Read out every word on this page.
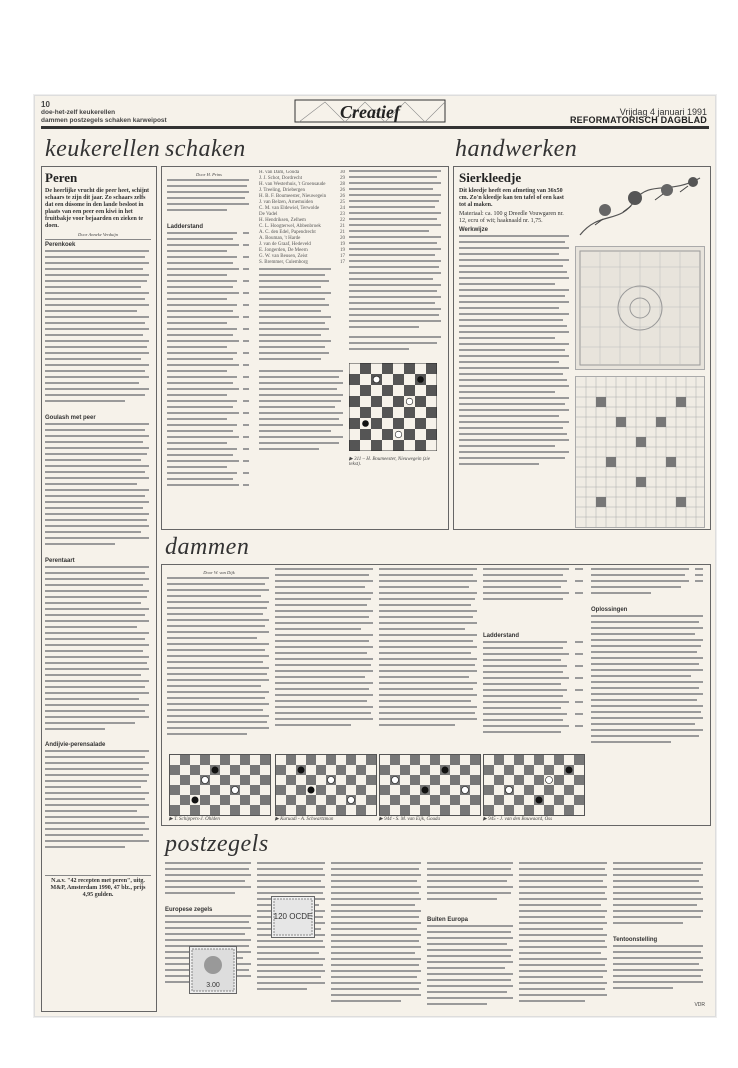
10
doe-het-zelf keukerellen
dammen postzegels schaken karweipost	Creatief	Vrijdag 4 januari 1991
REFORMATORISCH DAGBLAD
keukerellen schaken	handwerken
dammen
postzegels
Peren
De heerlijke vrucht die peer heet, schijnt schaars te zijn dit jaar. Zo schaars zelfs dat een dúsome in den lande besloot in plaats van een peer een kiwi in het fruitbakje voor bejaarden en zieken te doen.
Door Anneke Verduijn
Perenkoek
Goulash met peer
Perentaart
Andijvie-perensalade
N.a.v. "42 recepten met peren", uitg. M&P, Amsterdam 1990, 47 blz., prijs 4,95 gulden.
Door H. Prins
Ladderstand
H. van Dam, Gouda	30
J. J. Schot, Dordrecht	29
H. van Westerhuis, 't Groensaude	28
J. Treeling, Driebergen	26
H. B. F. Boumeester, Nieuwegein	26
J. van Belzen, Arnemuiden	25
C. M. van Eldewiel, Terwolde	24
De Vadel	23
H. Hendriksen, Zelhem	22
C. L. Hoogterwel, Abbenbroek	21
A. C. den Edel, Papendrecht	21
A. Bouman, 't Harde	20
J. van de Graaf, Hedeveld	19
E. Jongerden, De Meern	19
G. W. van Beusen, Zeist	17
S. Bremmer, Culemborg	17

▶ 311 – H. Boumeester, Nieuwegein (zie tekst).
Sierkleedje
Dit kleedje heeft een afmeting van 36x50 cm. Zo'n kleedje kan ten tafel of een kast tot al maken.
Materiaal: ca. 100 g Dreedle Vouwgaren nr. 12, ecru of wit; haaknaald nr. 1,75.
Werkwijze
Door W. van Dijk
Ladderstand
Oplossingen
▶ T. Schippers-J. Ohlden	▶ Kuruadi - A. Schwartzman	▶ 944 - S. M. van Eijk, Gouda	▶ 945 - J. van den Bouwaard, Oss
Europese zegels
3.00
120 OCDE	Buiten Europa
Tentoonstelling
VDR
